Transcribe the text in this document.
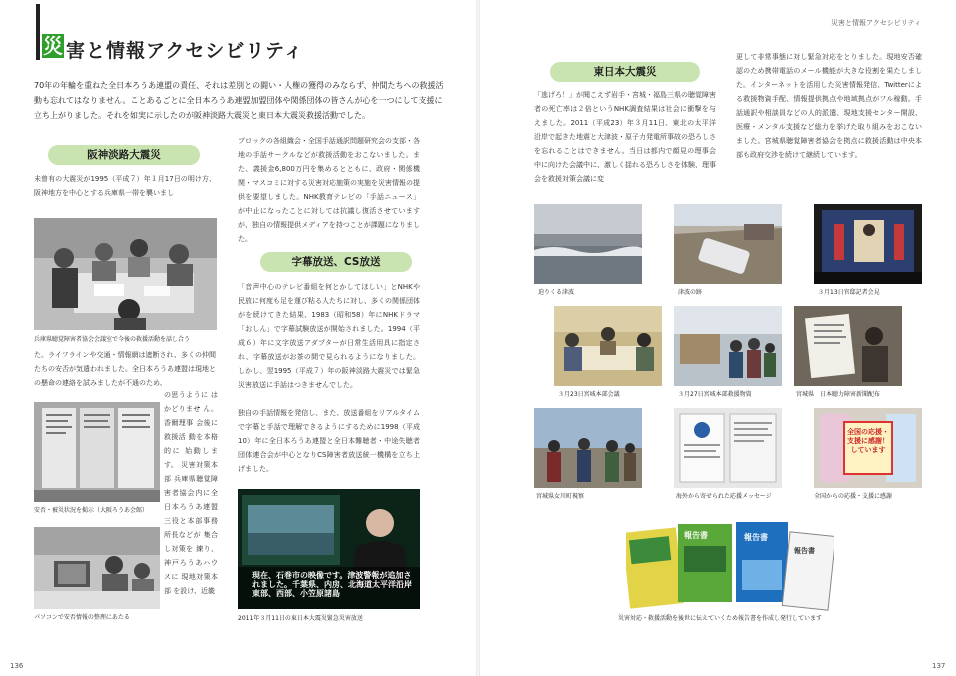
災 害と情報アクセシビリティ
70年の年輪を重ねた全日本ろうあ連盟の責任、それは差別との闘い・人権の獲得のみならず、仲間たちへの救援活動も忘れてはなりません。ことあるごとに全日本ろうあ連盟加盟団体や関係団体の皆さんが心を一つにして支援に立ち上がりました。それを如実に示したのが阪神淡路大震災と東日本大震災救援活動でした。
阪神淡路大震災
未曾有の大震災が1995（平成７）年１月17日の明け方、阪神地方を中心とする兵庫県一帯を襲いまし
兵庫県聴覚障害者協会会議室で今後の救援活動を話し合う
た。ライフラインや交通・情報網は遮断され、多くの仲間たちの安否が気遣われました。全日本ろうあ連盟は現地との懸命の連絡を試みましたが不通のため、
安否・被災状況を掲示（大阪ろうあ会館）
パソコンで安否情報の整理にあたる
の思うように はかどりませ ん。香爾理事 会後に救援活 動を本格的に 始動します。 災害対策本部 兵庫県聴覚障害者協会内に全日本ろうあ連盟 三役と本部事務所長などが 集合し対策を 練り、神戸ろうあハウスに 現地対策本部 を設け、近畿
ブロックの各組織会・全国手話通訳問題研究会の支部・各地の手話サークルなどが救援活動をおこないました。また、義援金6,800万円を集めるとともに、政府・関係機関・マスコミに対する災害対応施策の実施を災害情報の提供を要望しました。NHK教育テレビの「手話ニュース」が中止になったことに対しては抗議し復活させていますが、独自の情報提供メディアを持つことが課題になりました。
字幕放送、CS放送
「音声中心のテレビ番組を何とかしてほしい」とNHKや民放に何度も足を運び粘る人たちに対し、多くの関係団体がを続けてきた結果、1983（昭和58）年にNHKドラマ「おしん」で字幕試験放送が開始されました。1994（平成６）年に文字放送アダプターが日常生活用具に指定され、字幕放送がお茶の間で見られるようになりました。しかし、翌1995（平成７）年の阪神淡路大震災では緊急災害放送に手話はつきませんでした。
独自の手話情報を発信し、また、放送番組をリアルタイムで字幕と手話で理解できるようにするために1998（平成10）年に全日本ろうあ連盟と全日本難聴者・中途失聴者団体連合会が中心となりCS障害者放送統一機構を立ち上げました。
現在、石巻市の映像です。津波警報が追加されました。千葉県、内房、北海道太平洋沿岸東部、西部、小笠原諸島
2011年３月11日の東日本大震災緊急災害放送
136
災害と情報アクセシビリティ
東日本大震災
「逃げろ！」が聞こえず岩手・宮城・福島三県の聴覚障害者の死亡率は２倍というNHK調査結果は社会に衝撃を与えました。2011（平成23）年３月11日、東北の太平洋沿岸で起きた地震と大津波・原子力発電所事故の恐ろしさを忘れることはできません。当日は都内で顔見の理事会中に向けた会議中に、激しく揺れる恐ろしさを体験、理事会を救援対策会議に変
更して非常事態に対し緊急対応をとりました。現地安否確認のため携帯電話のメール機能が大きな役割を果たしました。インターネットを活用した災害情報発信、Twitterによる救援物資手配、情報提供拠点や地域拠点がフル稼動。手話通訳や相談員などの人的派遣、現地支援センター開設、医療・メンタル支援など総力を挙げた取り組みをおこないました。宮城県聴覚障害者協会を拠点に救援活動は中央本部も政府交渉を続けて継続しています。
迫りくる津波	津波の跡	３月13日官邸記者会見
３月23日宮城本部会議	３月27日宮城本部救援物資	宮城県　日本聴力障害新聞配布
宮城県女川町視察	海外から寄せられた応援メッセージ
全国の応援・支援に感謝！しています
全国からの応援・支援に感謝
報告書	報告書
報告書
災害対応・救援活動を後世に伝えていくため報告書を作成し発行しています
137
